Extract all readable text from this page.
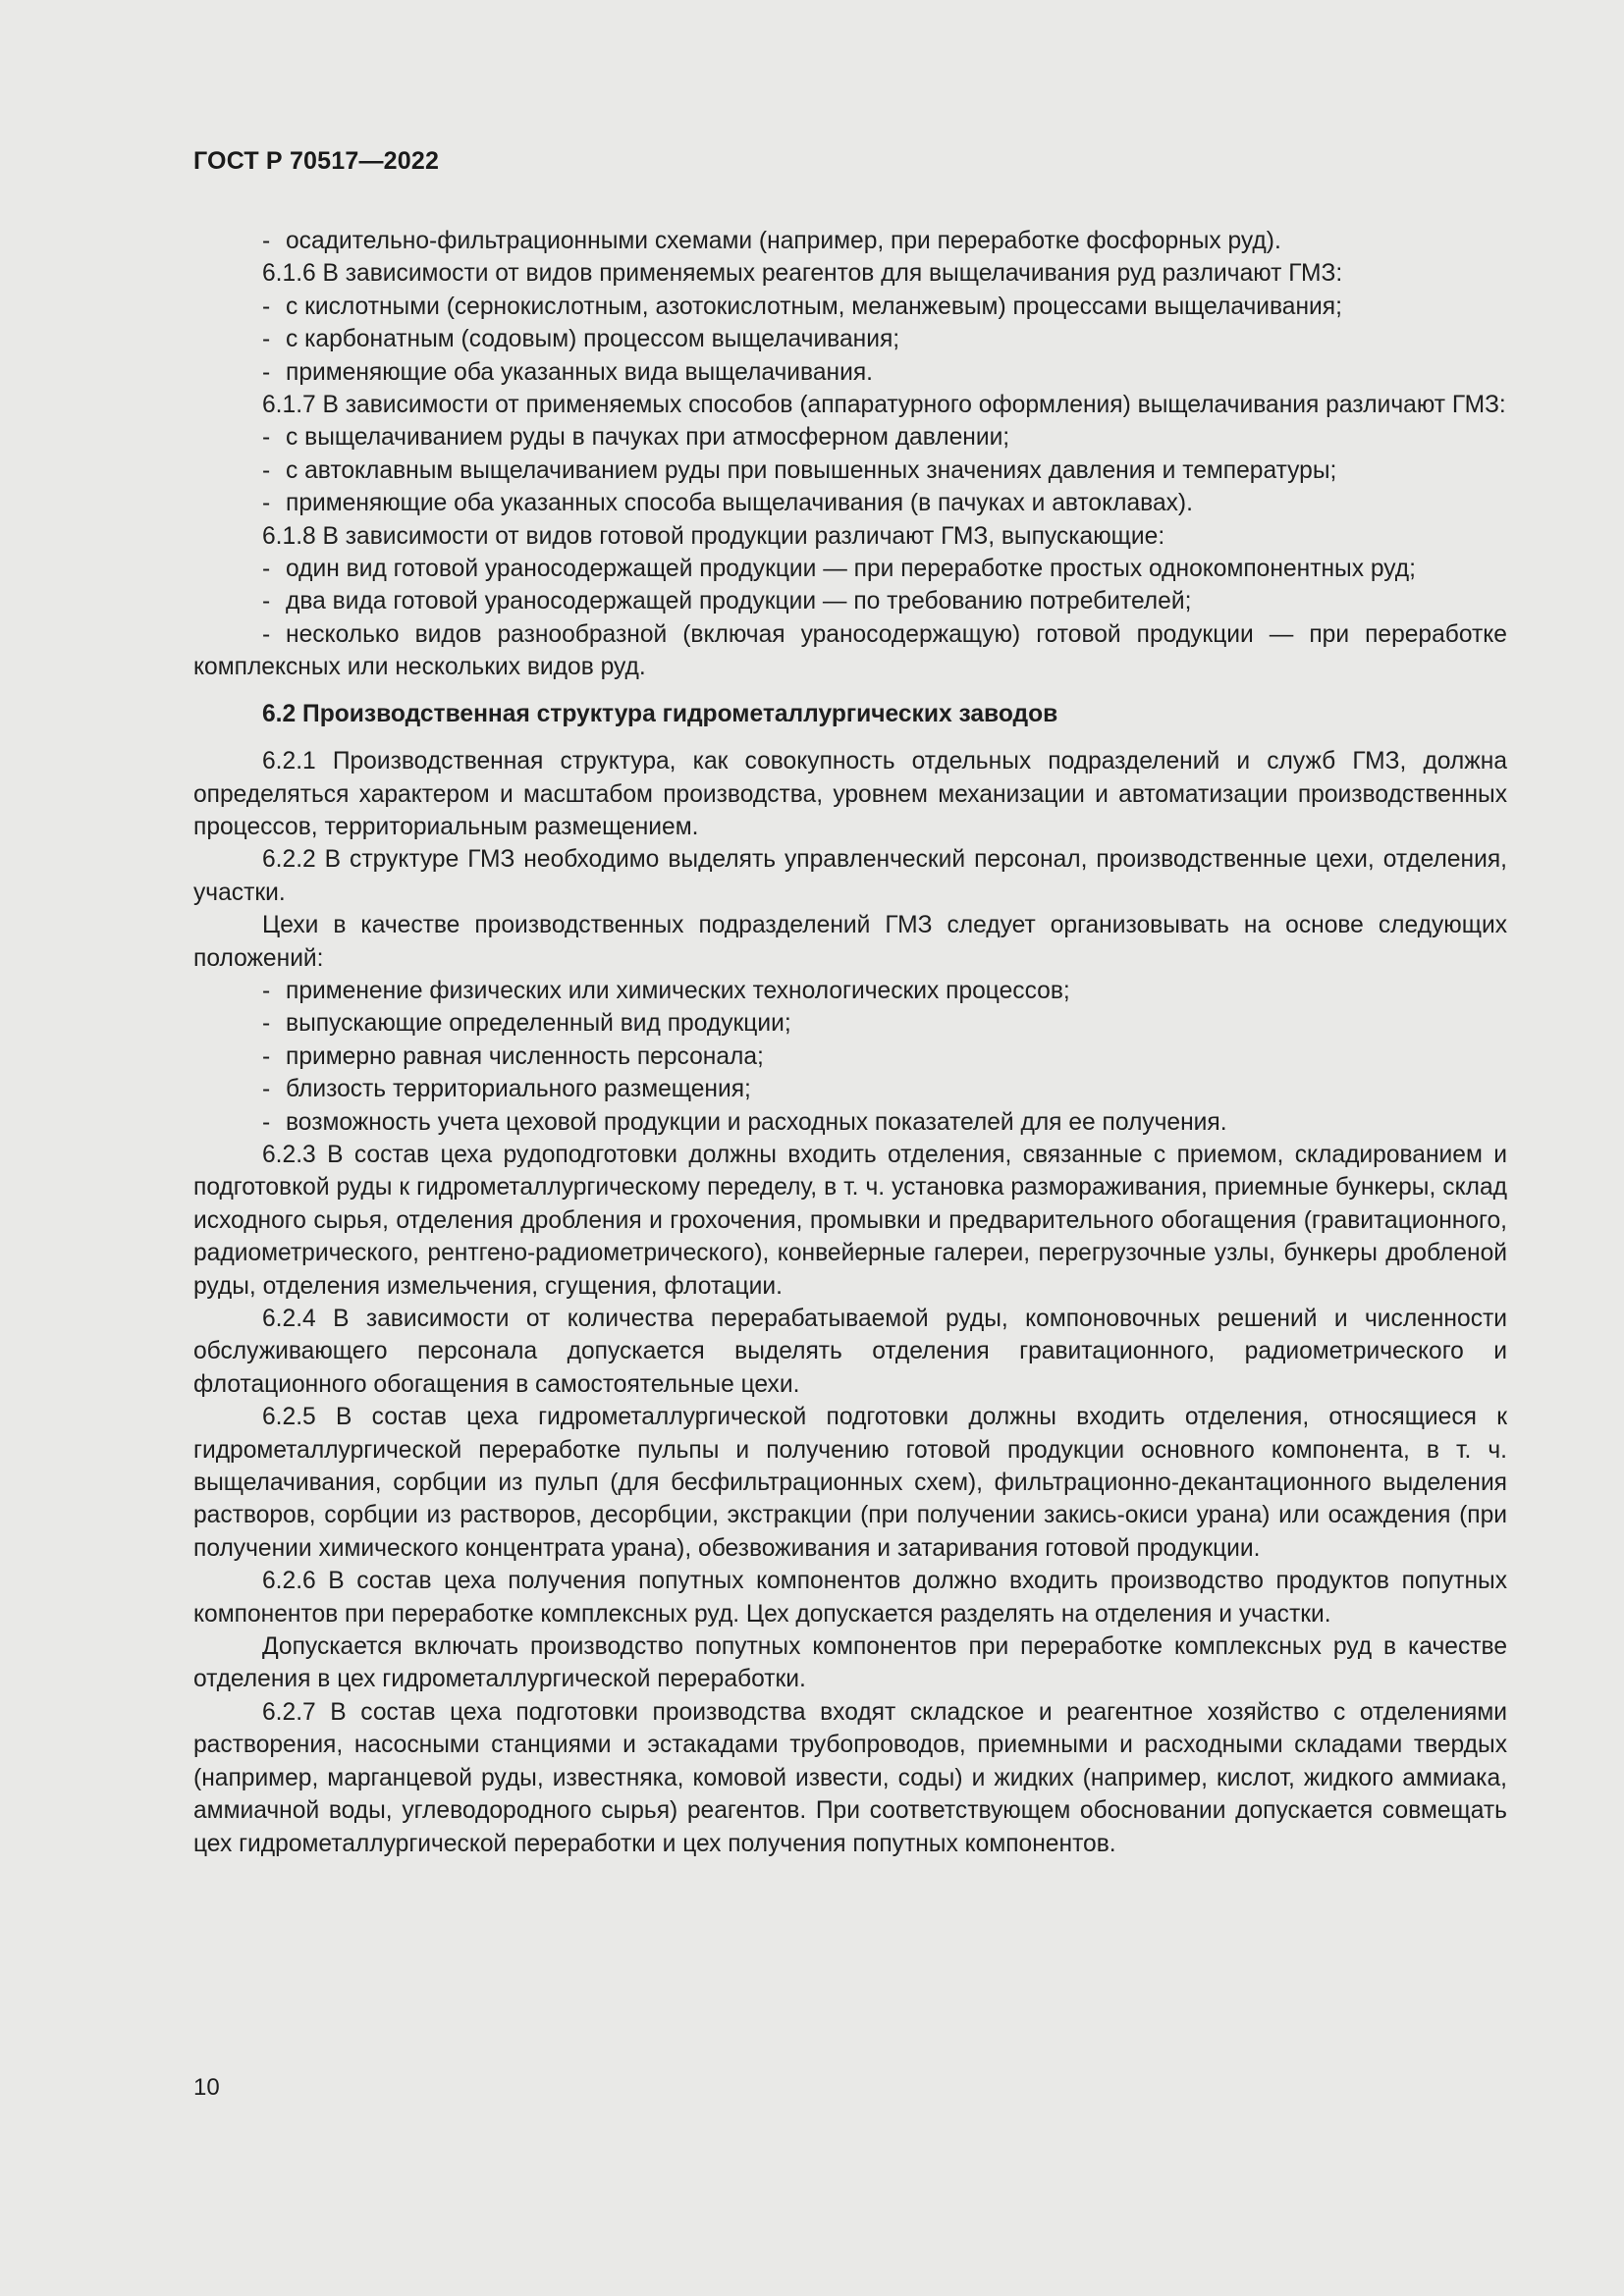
ГОСТ Р 70517—2022

- осадительно-фильтрационными схемами (например, при переработке фосфорных руд).

6.1.6 В зависимости от видов применяемых реагентов для выщелачивания руд различают ГМЗ:

- с кислотными (сернокислотным, азотокислотным, меланжевым) процессами выщелачивания;

- с карбонатным (содовым) процессом выщелачивания;

- применяющие оба указанных вида выщелачивания.

6.1.7 В зависимости от применяемых способов (аппаратурного оформления) выщелачивания различают ГМЗ:

- с выщелачиванием руды в пачуках при атмосферном давлении;

- с автоклавным выщелачиванием руды при повышенных значениях давления и температуры;

- применяющие оба указанных способа выщелачивания (в пачуках и автоклавах).

6.1.8 В зависимости от видов готовой продукции различают ГМЗ, выпускающие:

- один вид готовой ураносодержащей продукции — при переработке простых однокомпонентных руд;

- два вида готовой ураносодержащей продукции — по требованию потребителей;

- несколько видов разнообразной (включая ураносодержащую) готовой продукции — при переработке комплексных или нескольких видов руд.

6.2 Производственная структура гидрометаллургических заводов

6.2.1 Производственная структура, как совокупность отдельных подразделений и служб ГМЗ, должна определяться характером и масштабом производства, уровнем механизации и автоматизации производственных процессов, территориальным размещением.

6.2.2 В структуре ГМЗ необходимо выделять управленческий персонал, производственные цехи, отделения, участки.

Цехи в качестве производственных подразделений ГМЗ следует организовывать на основе следующих положений:

- применение физических или химических технологических процессов;

- выпускающие определенный вид продукции;

- примерно равная численность персонала;

- близость территориального размещения;

- возможность учета цеховой продукции и расходных показателей для ее получения.

6.2.3 В состав цеха рудоподготовки должны входить отделения, связанные с приемом, складированием и подготовкой руды к гидрометаллургическому переделу, в т. ч. установка размораживания, приемные бункеры, склад исходного сырья, отделения дробления и грохочения, промывки и предварительного обогащения (гравитационного, радиометрического, рентгено-радиометрического), конвейерные галереи, перегрузочные узлы, бункеры дробленой руды, отделения измельчения, сгущения, флотации.

6.2.4 В зависимости от количества перерабатываемой руды, компоновочных решений и численности обслуживающего персонала допускается выделять отделения гравитационного, радиометрического и флотационного обогащения в самостоятельные цехи.

6.2.5 В состав цеха гидрометаллургической подготовки должны входить отделения, относящиеся к гидрометаллургической переработке пульпы и получению готовой продукции основного компонента, в т. ч. выщелачивания, сорбции из пульп (для бесфильтрационных схем), фильтрационно-декантационного выделения растворов, сорбции из растворов, десорбции, экстракции (при получении закись-окиси урана) или осаждения (при получении химического концентрата урана), обезвоживания и затаривания готовой продукции.

6.2.6 В состав цеха получения попутных компонентов должно входить производство продуктов попутных компонентов при переработке комплексных руд. Цех допускается разделять на отделения и участки.

Допускается включать производство попутных компонентов при переработке комплексных руд в качестве отделения в цех гидрометаллургической переработки.

6.2.7 В состав цеха подготовки производства входят складское и реагентное хозяйство с отделениями растворения, насосными станциями и эстакадами трубопроводов, приемными и расходными складами твердых (например, марганцевой руды, известняка, комовой извести, соды) и жидких (например, кислот, жидкого аммиака, аммиачной воды, углеводородного сырья) реагентов. При соответствующем обосновании допускается совмещать цех гидрометаллургической переработки и цех получения попутных компонентов.

10
